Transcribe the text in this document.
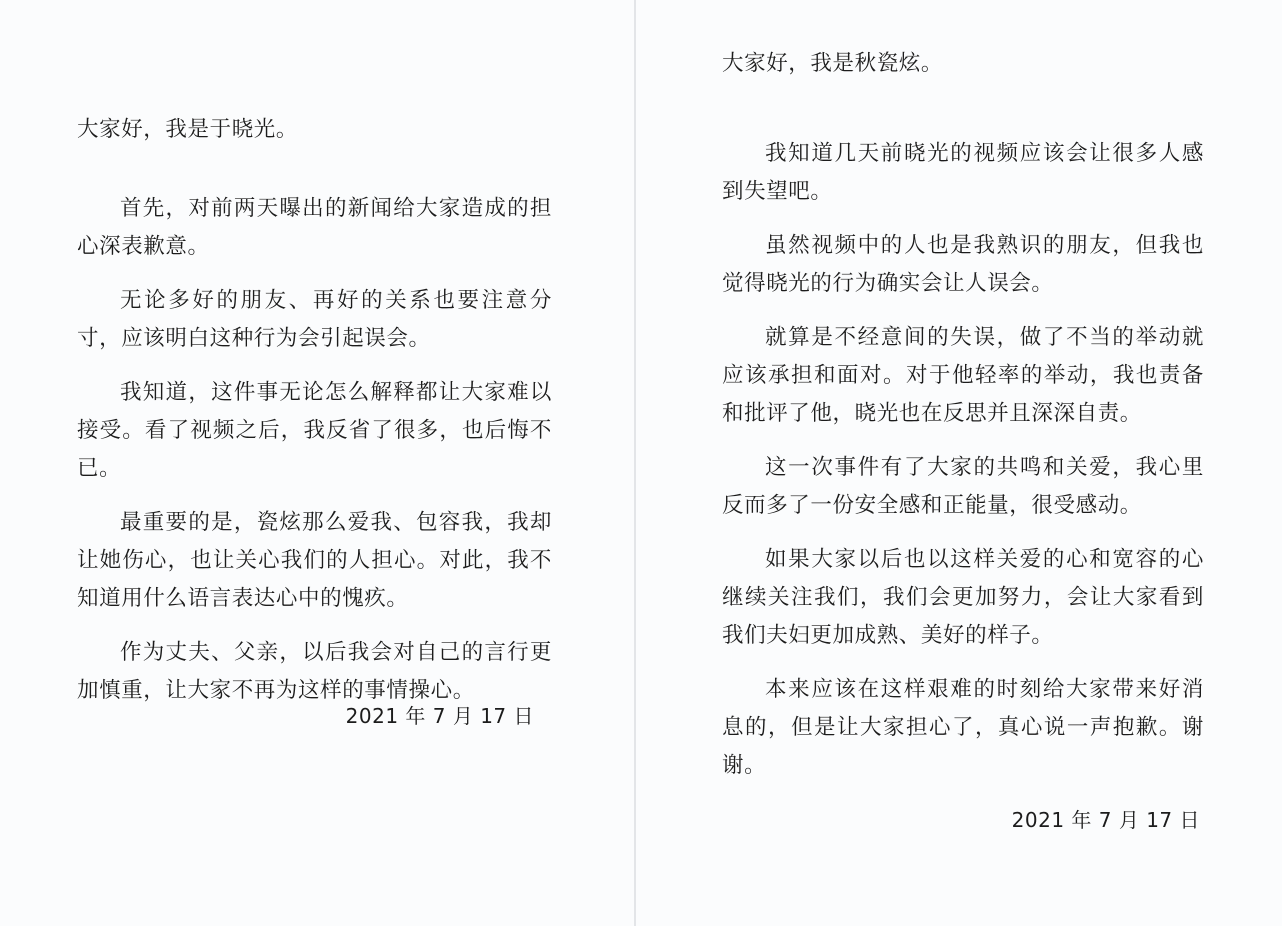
大家好，我是于晓光。

首先，对前两天曝出的新闻给大家造成的担心深表歉意。

无论多好的朋友、再好的关系也要注意分寸，应该明白这种行为会引起误会。

我知道，这件事无论怎么解释都让大家难以接受。看了视频之后，我反省了很多，也后悔不已。

最重要的是，瓷炫那么爱我、包容我，我却让她伤心，也让关心我们的人担心。对此，我不知道用什么语言表达心中的愧疚。

作为丈夫、父亲，以后我会对自己的言行更加慎重，让大家不再为这样的事情操心。

2021 年 7 月 17 日
大家好，我是秋瓷炫。

我知道几天前晓光的视频应该会让很多人感到失望吧。

虽然视频中的人也是我熟识的朋友，但我也觉得晓光的行为确实会让人误会。

就算是不经意间的失误，做了不当的举动就应该承担和面对。对于他轻率的举动，我也责备和批评了他，晓光也在反思并且深深自责。

这一次事件有了大家的共鸣和关爱，我心里反而多了一份安全感和正能量，很受感动。

如果大家以后也以这样关爱的心和宽容的心继续关注我们，我们会更加努力，会让大家看到我们夫妇更加成熟、美好的样子。

本来应该在这样艰难的时刻给大家带来好消息的，但是让大家担心了，真心说一声抱歉。谢谢。

2021 年 7 月 17 日
